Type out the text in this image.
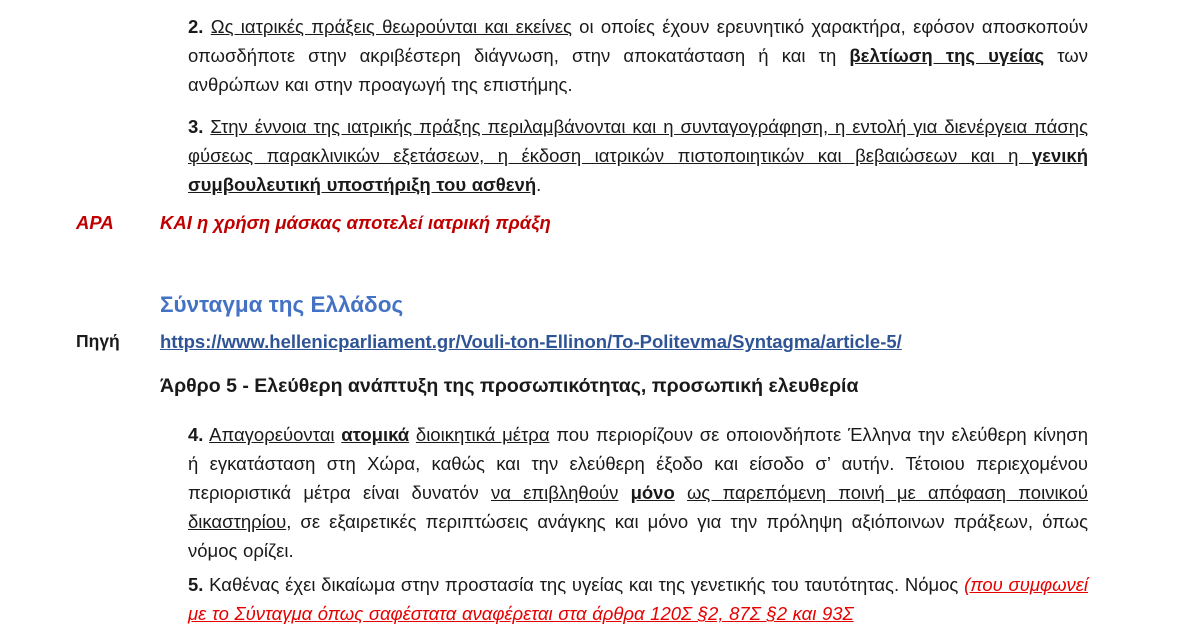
2. Ως ιατρικές πράξεις θεωρούνται και εκείνες οι οποίες έχουν ερευνητικό χαρακτήρα, εφόσον αποσκοπούν οπωσδήποτε στην ακριβέστερη διάγνωση, στην αποκατάσταση ή και τη βελτίωση της υγείας των ανθρώπων και στην προαγωγή της επιστήμης.
3. Στην έννοια της ιατρικής πράξης περιλαμβάνονται και η συνταγογράφηση, η εντολή για διενέργεια πάσης φύσεως παρακλινικών εξετάσεων, η έκδοση ιατρικών πιστοποιητικών και βεβαιώσεων και η γενική συμβουλευτική υποστήριξη του ασθενή.
ΑΡΑ	ΚΑΙ η χρήση μάσκας αποτελεί ιατρική πράξη
Σύνταγμα της Ελλάδος
Πηγή https://www.hellenicparliament.gr/Vouli-ton-Ellinon/To-Politevma/Syntagma/article-5/
Άρθρο 5 - Ελεύθερη ανάπτυξη της προσωπικότητας, προσωπική ελευθερία
4. Απαγορεύονται ατομικά διοικητικά μέτρα που περιορίζουν σε οποιονδήποτε Έλληνα την ελεύθερη κίνηση ή εγκατάσταση στη Χώρα, καθώς και την ελεύθερη έξοδο και είσοδο σ’ αυτήν. Τέτοιου περιεχομένου περιοριστικά μέτρα είναι δυνατόν να επιβληθούν μόνο ως παρεπόμενη ποινή με απόφαση ποινικού δικαστηρίου, σε εξαιρετικές περιπτώσεις ανάγκης και μόνο για την πρόληψη αξιόποινων πράξεων, όπως νόμος ορίζει.
5. Καθένας έχει δικαίωμα στην προστασία της υγείας και της γενετικής του ταυτότητας. Νόμος (που συμφωνεί με το Σύνταγμα όπως σαφέστατα αναφέρεται στα άρθρα 120Σ §2, 87Σ §2 και 93Σ
